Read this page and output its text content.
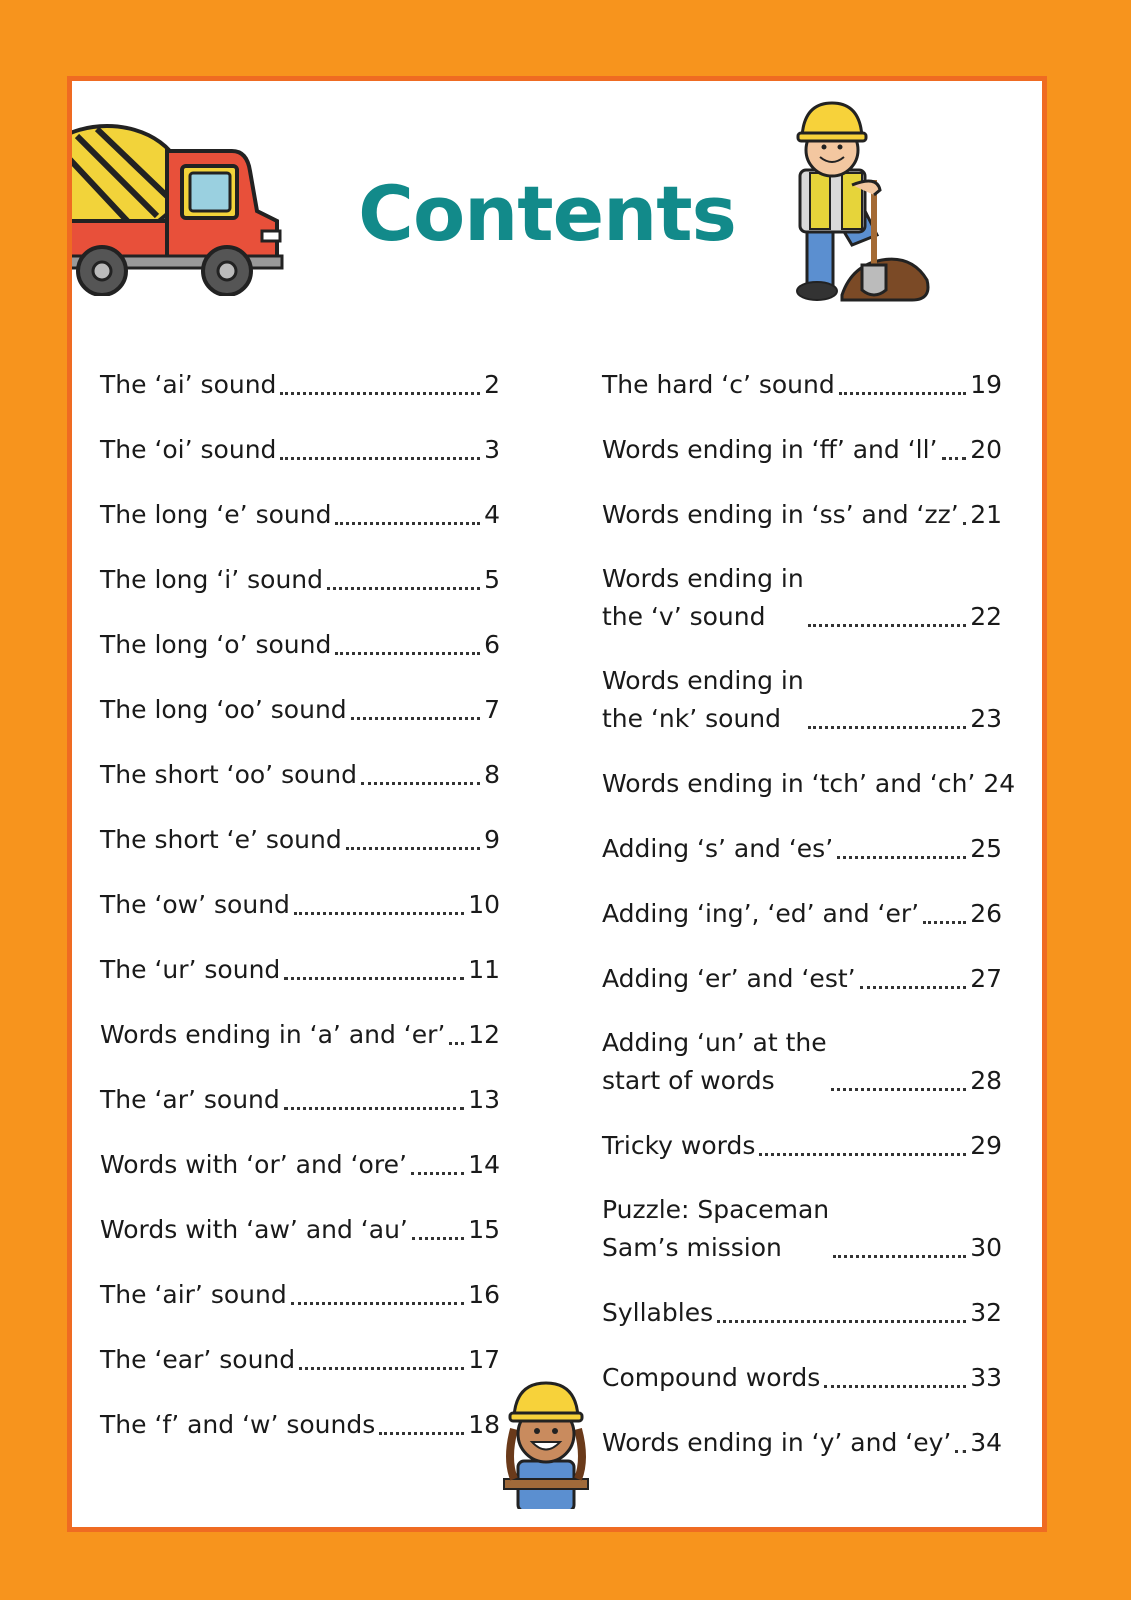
Contents
The ‘ai’ sound	2
The ‘oi’ sound	3
The long ‘e’ sound	4
The long ‘i’ sound	5
The long ‘o’ sound	6
The long ‘oo’ sound	7
The short ‘oo’ sound	8
The short ‘e’ sound	9
The ‘ow’ sound	10
The ‘ur’ sound	11
Words ending in ‘a’ and ‘er’ 12
The ‘ar’ sound	13
Words with ‘or’ and ‘ore’ 14
Words with ‘aw’ and ‘au’ 15
The ‘air’ sound	16
The ‘ear’ sound	17
The ‘f’ and ‘w’ sounds	18
The hard ‘c’ sound	19
Words ending in ‘ff’ and ‘ll’ 20
Words ending in ‘ss’ and ‘zz’ 21
Words ending in
the ‘v’ sound	22
Words ending in
the ‘nk’ sound	23
Words ending in ‘tch’ and ‘ch’ 24
Adding ‘s’ and ‘es’	25
Adding ‘ing’, ‘ed’ and ‘er’ 26
Adding ‘er’ and ‘est’	27
Adding ‘un’ at the
start of words	28
Tricky words	29
Puzzle: Spaceman
Sam’s mission	30
Syllables	32
Compound words	33
Words ending in ‘y’ and ‘ey’ 34
